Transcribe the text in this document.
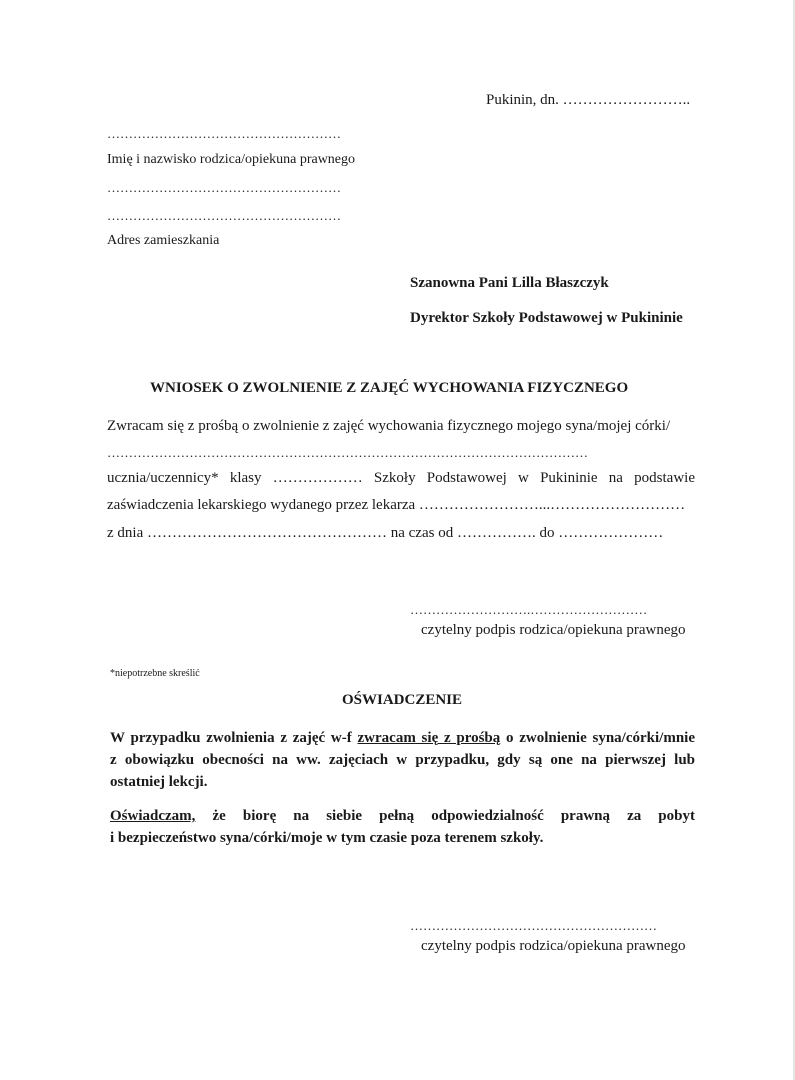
Pukinin, dn. ……………………..
………………………………………………
Imię i nazwisko rodzica/opiekuna prawnego
………………………………………………
………………………………………………
Adres zamieszkania
Szanowna Pani Lilla Błaszczyk
Dyrektor Szkoły Podstawowej w Pukininie
WNIOSEK O ZWOLNIENIE Z ZAJĘĆ WYCHOWANIA FIZYCZNEGO
Zwracam się z prośbą o zwolnienie z zajęć wychowania fizycznego mojego syna/mojej córki/
…………………………………………………………………………………………………
ucznia/uczennicy* klasy ……………… Szkoły Podstawowej w Pukininie na podstawie
zaświadczenia lekarskiego wydanego przez lekarza ……………………...………………………
z dnia ………………………………………… na czas od ……………. do …………………
……………………….………………………
czytelny podpis rodzica/opiekuna prawnego
*niepotrzebne skreślić
OŚWIADCZENIE
W przypadku zwolnienia z zajęć w-f zwracam się z prośbą o zwolnienie syna/córki/mnie
z obowiązku obecności na ww. zajęciach w przypadku, gdy są one na pierwszej lub
ostatniej lekcji.
Oświadczam, że biorę na siebie pełną odpowiedzialność prawną za pobyt
i bezpieczeństwo syna/córki/moje w tym czasie poza terenem szkoły.
…………………………………………………
czytelny podpis rodzica/opiekuna prawnego
